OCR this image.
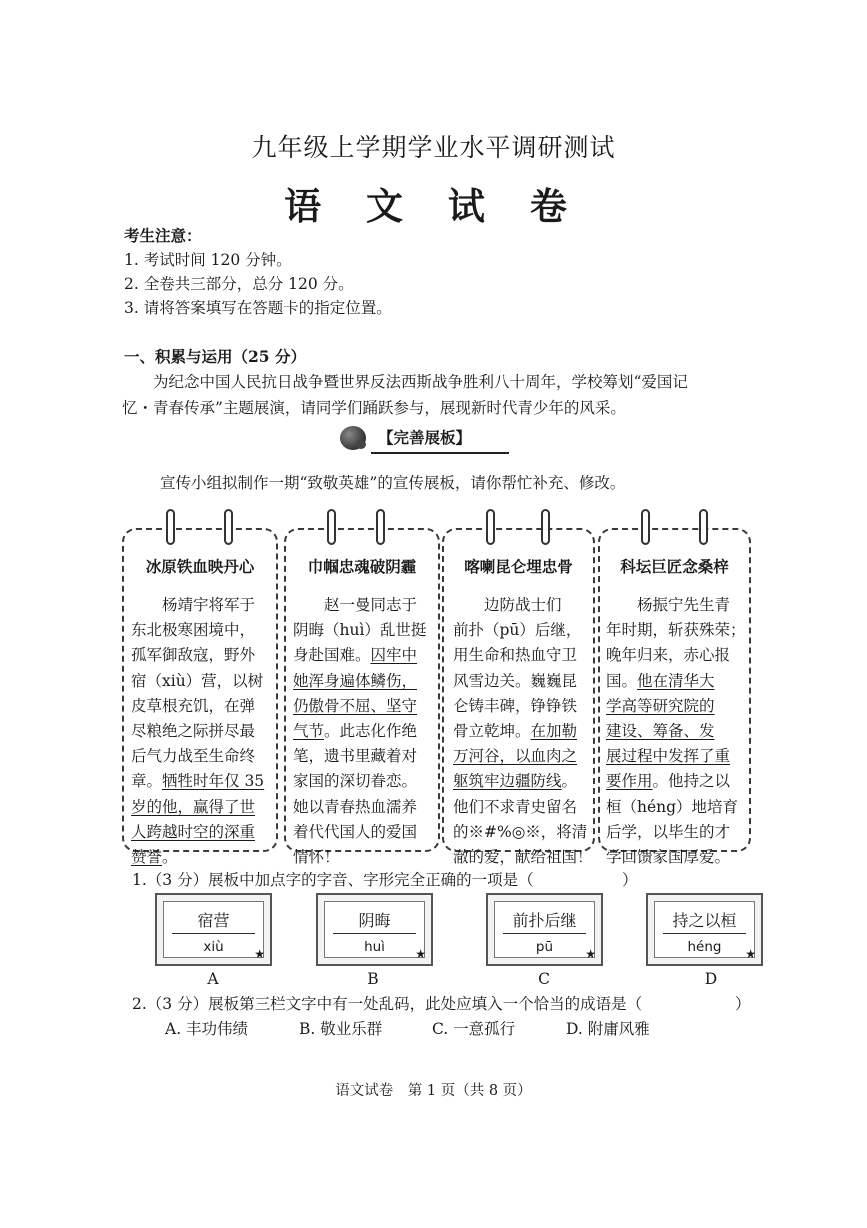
九年级上学期学业水平调研测试
语 文 试 卷
考生注意：
1. 考试时间 120 分钟。
2. 全卷共三部分，总分 120 分。
3. 请将答案填写在答题卡的指定位置。
一、积累与运用（25 分）
为纪念中国人民抗日战争暨世界反法西斯战争胜利八十周年，学校筹划“爱国记忆・青春传承”主题展演，请同学们踊跃参与，展现新时代青少年的风采。
【完善展板】
宣传小组拟制作一期“致敬英雄”的宣传展板，请你帮忙补充、修改。
冰原铁血映丹心	巾帼忠魂破阴霾	喀喇昆仑埋忠骨	科坛巨匠念桑梓
杨靖宇将军于
东北极寒困境中，
孤军御敌寇，野外
宿（xiù）营，以树
皮草根充饥，在弹
尽粮绝之际拼尽最
后气力战至生命终
章。牺牲时年仅 35
岁的他，赢得了世
人跨越时空的深重
赞誉。
赵一曼同志于
阴晦（huì）乱世挺
身赴国难。囚牢中
她浑身遍体鳞伤，
仍傲骨不屈、坚守
气节。此志化作绝
笔，遗书里藏着对
家国的深切眷恋。
她以青春热血濡养
着代代国人的爱国
情怀！
边防战士们
前扑（pū）后继，
用生命和热血守卫
风雪边关。巍巍昆
仑铸丰碑，铮铮铁
骨立乾坤。在加勒
万河谷，以血肉之
躯筑牢边疆防线。
他们不求青史留名
的※#%◎※，将清
澈的爱，献给祖国！
杨振宁先生青
年时期，斩获殊荣；
晚年归来，赤心报
国。他在清华大
学高等研究院的
建设、筹备、发
展过程中发挥了重
要作用。他持之以
桓（héng）地培育
后学，以毕生的才
学回馈家国厚爱。
1.（3 分）展板中加点字的字音、字形完全正确的一项是（	）
宿营
xiù	★
阴晦
huì	★
前扑后继
pū	★
持之以桓
héng	★
A	B	C	D
2.（3 分）展板第三栏文字中有一处乱码，此处应填入一个恰当的成语是（	）
A. 丰功伟绩	B. 敬业乐群	C. 一意孤行	D. 附庸风雅
语文试卷　第 1 页（共 8 页）
